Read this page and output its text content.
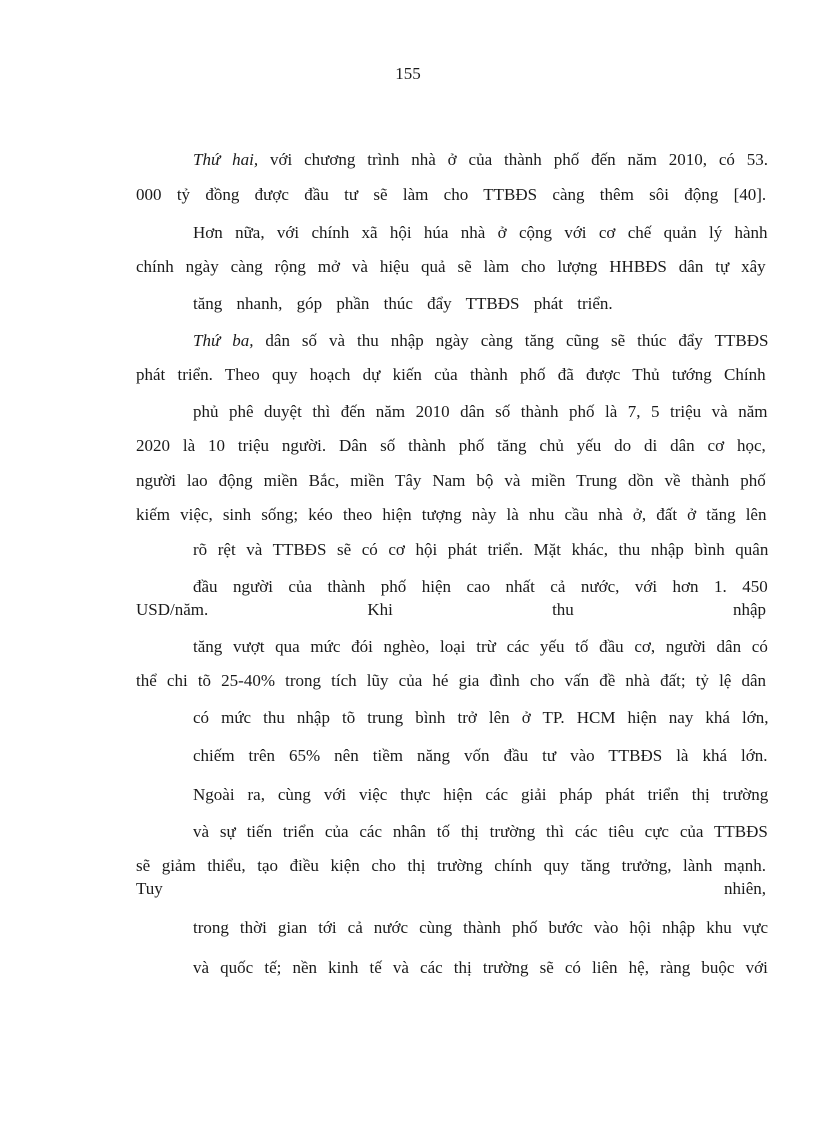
155
Thứ hai, với chương trình nhà ở của thành phố đến năm 2010, có 53.
000 tỷ đồng được đầu tư sẽ làm cho TTBĐS càng thêm sôi động [40].
Hơn nữa, với chính xã hội húa nhà ở cộng với cơ chế quản lý hành
chính ngày càng rộng mở và hiệu quả sẽ làm cho lượng HHBĐS dân tự xây
tăng nhanh, góp phần thúc đẩy TTBĐS phát triển.
Thứ ba, dân số và thu nhập ngày càng tăng cũng sẽ thúc đẩy TTBĐS
phát triển. Theo quy hoạch dự kiến của thành phố đã được Thủ tướng Chính
phủ phê duyệt thì đến năm 2010 dân số thành phố là 7, 5 triệu và năm
2020 là 10 triệu người. Dân số thành phố tăng chủ yếu do di dân cơ học,
người lao động miền Bắc, miền Tây Nam bộ và miền Trung dồn về thành phố
kiếm việc, sinh sống; kéo theo hiện tượng này là nhu cầu nhà ở, đất ở tăng lên
rõ rệt và TTBĐS sẽ có cơ hội phát triển. Mặt khác, thu nhập bình quân
đầu người của thành phố hiện cao nhất cả nước, với hơn 1. 450
USD/năm.	Khi	thu	nhập
tăng vượt qua mức đói nghèo, loại trừ các yếu tố đầu cơ, người dân có
thể chi tõ 25-40% trong tích lũy của hé gia đình cho vấn đề nhà đất; tỷ lệ dân
có mức thu nhập tõ trung bình trở lên ở TP. HCM hiện nay khá lớn,
chiếm trên 65% nên tiềm năng vốn đầu tư vào TTBĐS là khá lớn.
Ngoài ra, cùng với việc thực hiện các giải pháp phát triển thị trường
và sự tiến triển của các nhân tố thị trường thì các tiêu cực của TTBĐS
sẽ giảm thiểu, tạo điều kiện cho thị trường chính quy tăng trưởng, lành mạnh.
Tuy	nhiên,
trong thời gian tới cả nước cùng thành phố bước vào hội nhập khu vực
và quốc tế; nền kinh tế và các thị trường sẽ có liên hệ, ràng buộc với
